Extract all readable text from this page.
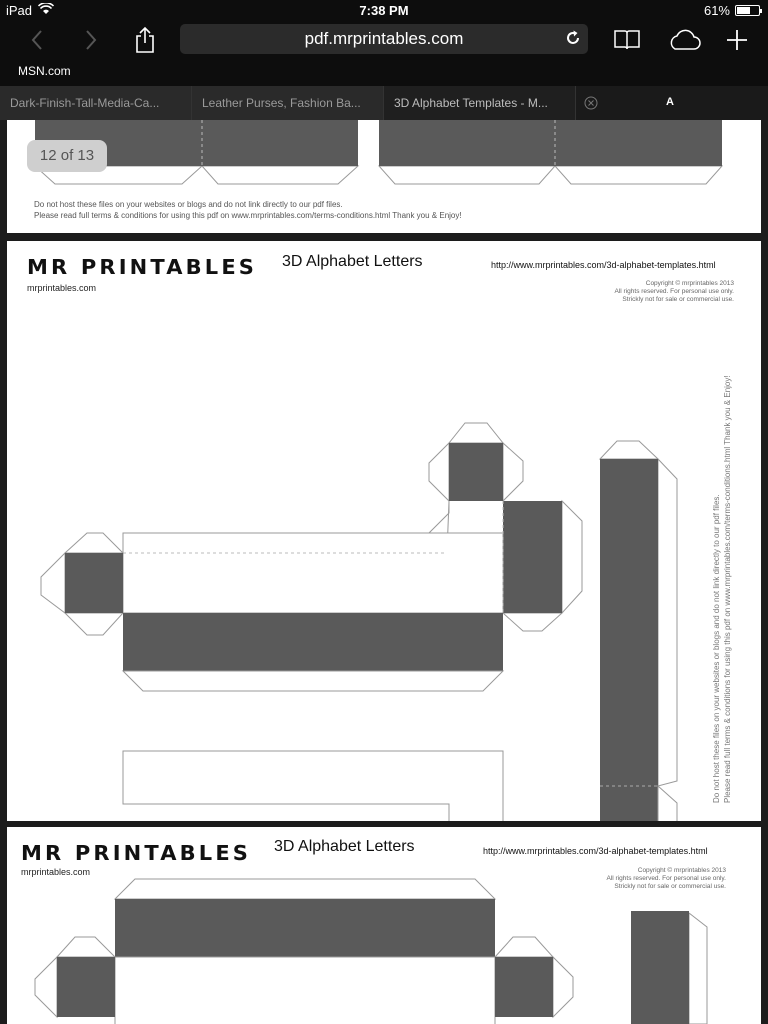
iPad	7:38 PM	61%
pdf.mrprintables.com
MSN.com
Dark-Finish-Tall-Media-Ca...	Leather Purses, Fashion Ba...	3D Alphabet Templates - M...	A
12 of 13
Do not host these files on your websites or blogs and do not link directly to our pdf files.
Please read full terms & conditions for using this pdf on www.mrprintables.com/terms-conditions.html Thank you & Enjoy!
MR PRINTABLES
mrprintables.com
3D Alphabet Letters	http://www.mrprintables.com/3d-alphabet-templates.html
Copyright © mrprintables 2013
All rights reserved. For personal use only.
Strickly not for sale or commercial use.
Do not host these files on your websites or blogs and do not link directly to our pdf files. Please read full terms & conditions for using this pdf on www.mrprintables.com/terms-conditions.html Thank you & Enjoy!
MR PRINTABLES
mrprintables.com
3D Alphabet Letters	http://www.mrprintables.com/3d-alphabet-templates.html
Copyright © mrprintables 2013
All rights reserved. For personal use only.
Strickly not for sale or commercial use.
